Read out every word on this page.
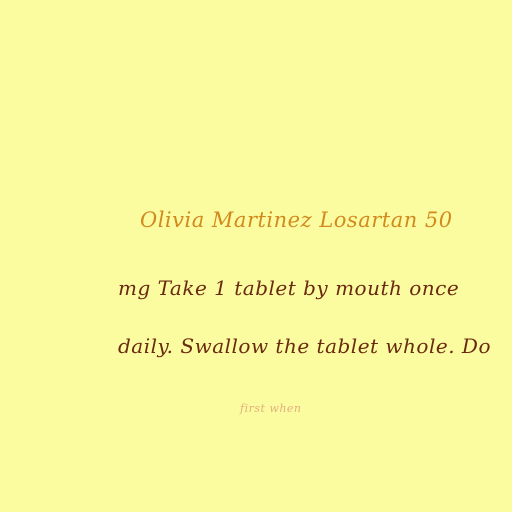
Olivia Martinez Losartan 50
mg Take 1 tablet by mouth once
daily. Swallow the tablet whole. Do
first when
